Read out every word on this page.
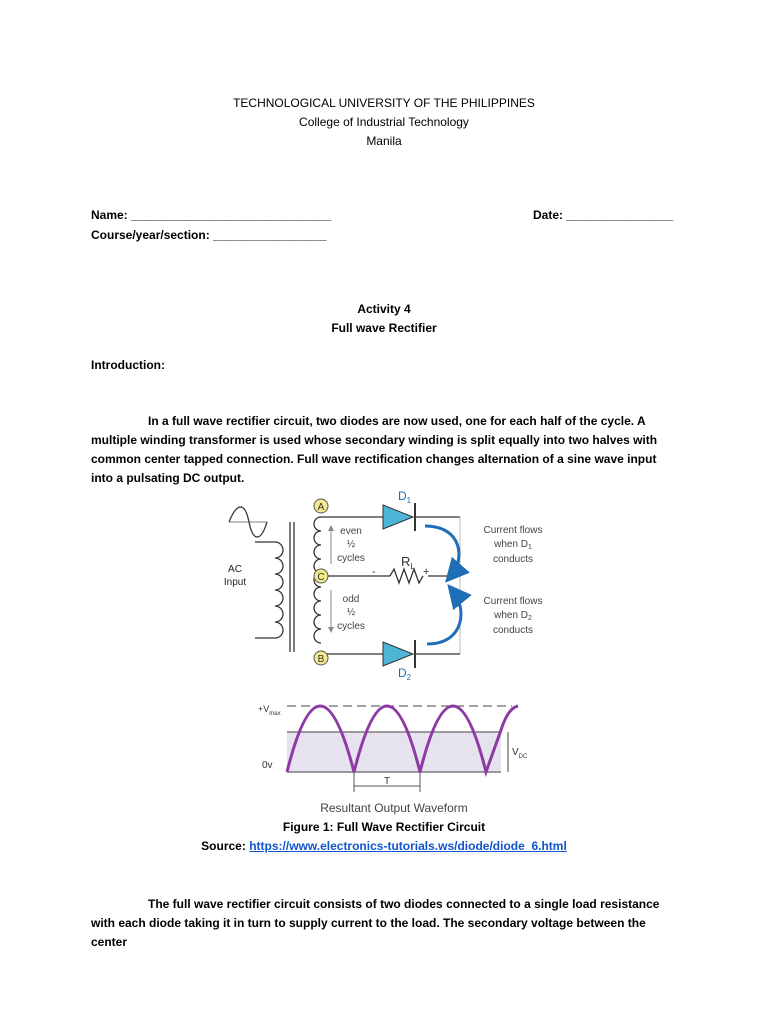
TECHNOLOGICAL UNIVERSITY OF THE PHILIPPINES
College of Industrial Technology
Manila
Name: ______________________________	Date: ________________
Course/year/section: _________________
Activity 4
Full wave Rectifier
Introduction:
In a full wave rectifier circuit, two diodes are now used, one for each half of the cycle. A multiple winding transformer is used whose secondary winding is split equally into two halves with common center tapped connection. Full wave rectification changes alternation of a sine wave input into a pulsating DC output.
A
C
B
AC
Input
even
½
cycles
odd
½
cycles
$D_1$
$D_2$
$R_L$
-	+
Current flows
when $D_1$
conducts
Current flows
when $D_2$
conducts
$+V_{max}$
0v
$V_{DC}$
T
Resultant Output Waveform
Figure 1: Full Wave Rectifier Circuit
Source: https://www.electronics-tutorials.ws/diode/diode_6.html
The full wave rectifier circuit consists of two diodes connected to a single load resistance with each diode taking it in turn to supply current to the load. The secondary voltage between the center
